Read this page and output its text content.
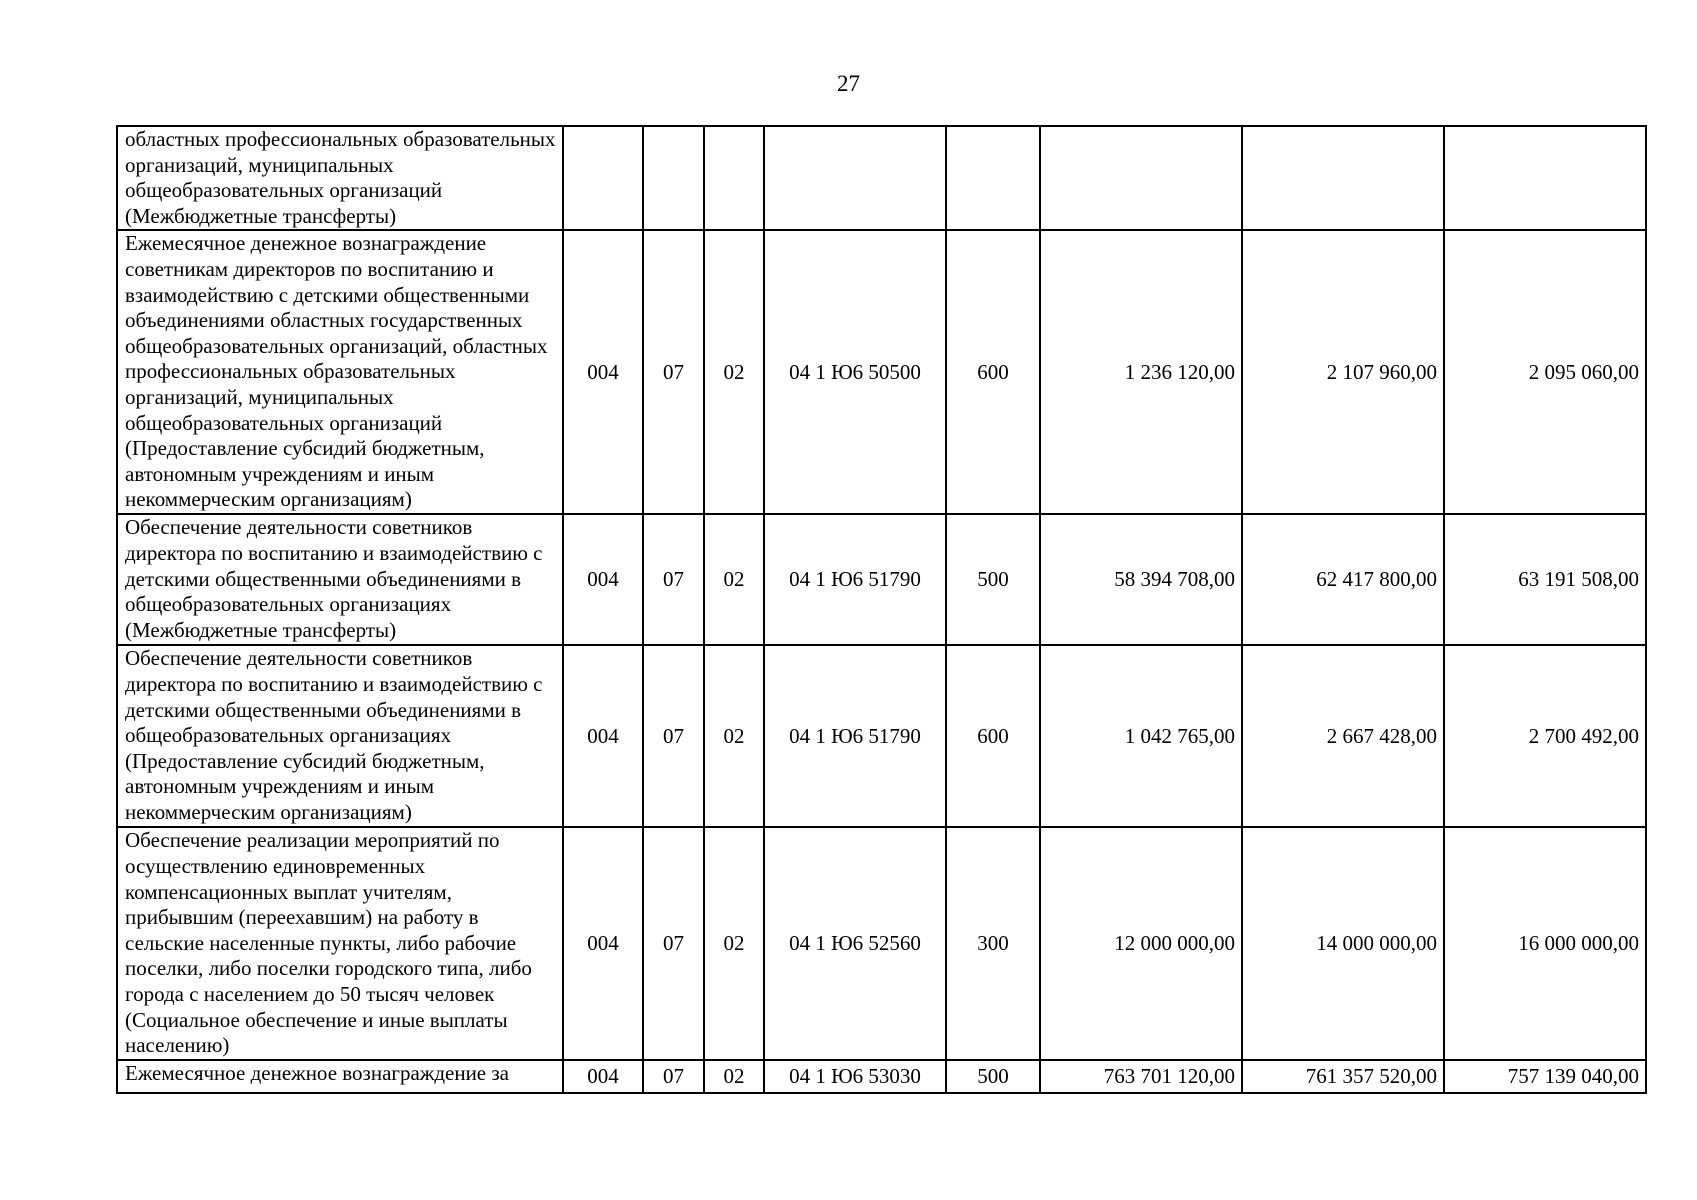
27
областных профессиональных образовательных организаций, муниципальных общеобразовательных организаций (Межбюджетные трансферты)								
Ежемесячное денежное вознаграждение советникам директоров по воспитанию и взаимодействию с детскими общественными объединениями областных государственных общеобразовательных организаций, областных профессиональных образовательных организаций, муниципальных общеобразовательных организаций (Предоставление субсидий бюджетным, автономным учреждениям и иным некоммерческим организациям)	004	07	02	04 1 Ю6 50500	600	1 236 120,00	2 107 960,00	2 095 060,00
Обеспечение деятельности советников директора по воспитанию и взаимодействию с детскими общественными объединениями в общеобразовательных организациях (Межбюджетные трансферты)	004	07	02	04 1 Ю6 51790	500	58 394 708,00	62 417 800,00	63 191 508,00
Обеспечение деятельности советников директора по воспитанию и взаимодействию с детскими общественными объединениями в общеобразовательных организациях (Предоставление субсидий бюджетным, автономным учреждениям и иным некоммерческим организациям)	004	07	02	04 1 Ю6 51790	600	1 042 765,00	2 667 428,00	2 700 492,00
Обеспечение реализации мероприятий по осуществлению единовременных компенсационных выплат учителям, прибывшим (переехавшим) на работу в сельские населенные пункты, либо рабочие поселки, либо поселки городского типа, либо города с населением до 50 тысяч человек (Социальное обеспечение и иные выплаты населению)	004	07	02	04 1 Ю6 52560	300	12 000 000,00	14 000 000,00	16 000 000,00
Ежемесячное денежное вознаграждение за	004	07	02	04 1 Ю6 53030	500	763 701 120,00	761 357 520,00	757 139 040,00
